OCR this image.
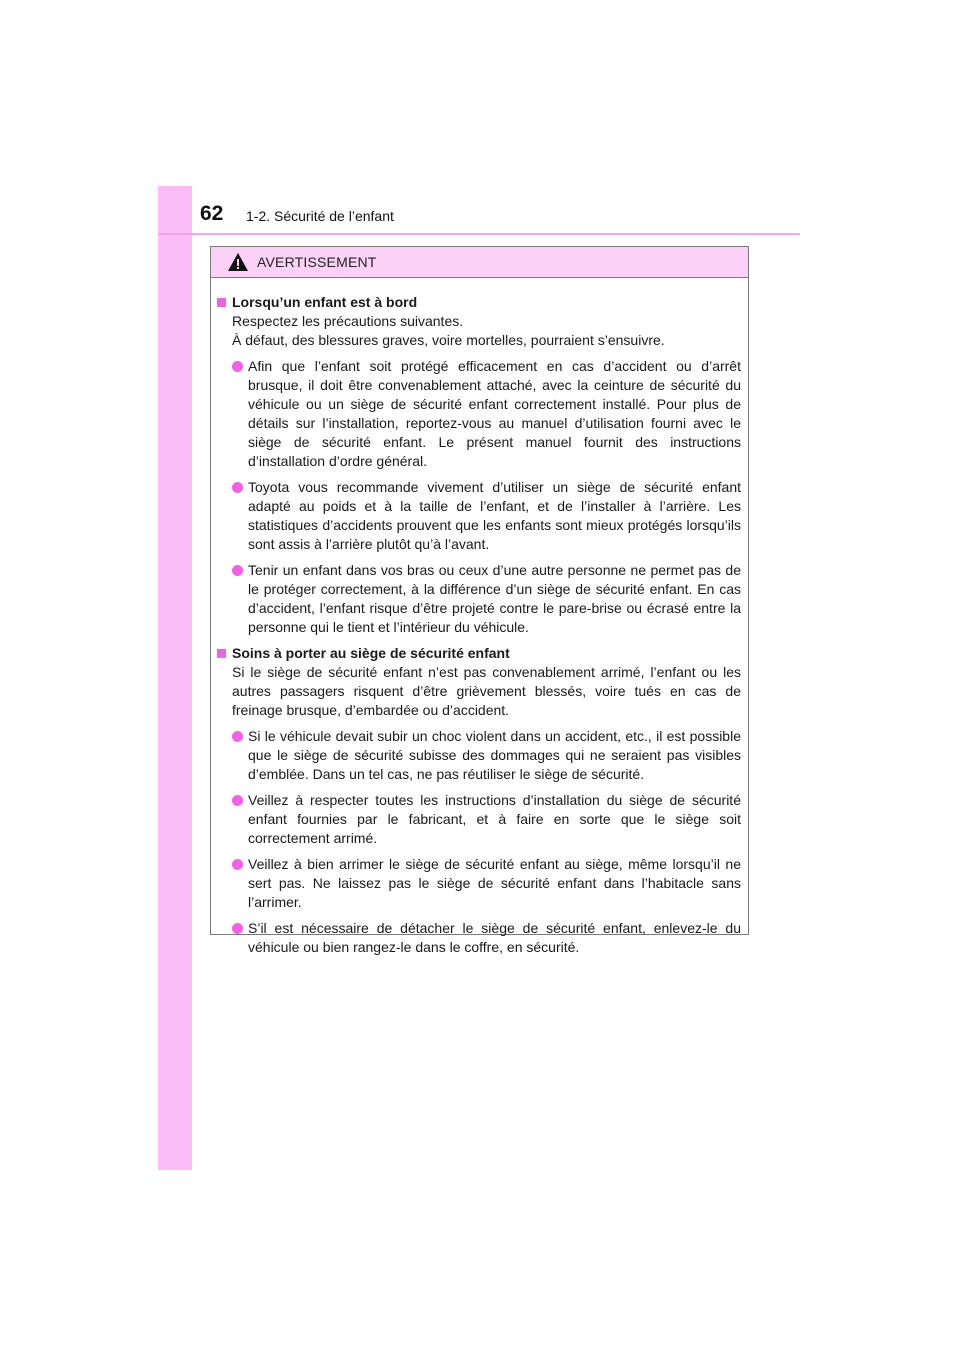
62 1-2. Sécurité de l’enfant
AVERTISSEMENT
Lorsqu’un enfant est à bord
Respectez les précautions suivantes.
À défaut, des blessures graves, voire mortelles, pourraient s’ensuivre.
Afin que l’enfant soit protégé efficacement en cas d’accident ou d’arrêt brusque, il doit être convenablement attaché, avec la ceinture de sécurité du véhicule ou un siège de sécurité enfant correctement installé. Pour plus de détails sur l’installation, reportez-vous au manuel d’utilisation fourni avec le siège de sécurité enfant. Le présent manuel fournit des instructions d’installation d’ordre général.
Toyota vous recommande vivement d’utiliser un siège de sécurité enfant adapté au poids et à la taille de l’enfant, et de l’installer à l’arrière. Les statistiques d’accidents prouvent que les enfants sont mieux protégés lorsqu’ils sont assis à l’arrière plutôt qu’à l’avant.
Tenir un enfant dans vos bras ou ceux d’une autre personne ne permet pas de le protéger correctement, à la différence d’un siège de sécurité enfant. En cas d’accident, l’enfant risque d’être projeté contre le pare-brise ou écrasé entre la personne qui le tient et l’intérieur du véhicule.
Soins à porter au siège de sécurité enfant
Si le siège de sécurité enfant n’est pas convenablement arrimé, l’enfant ou les autres passagers risquent d’être grièvement blessés, voire tués en cas de freinage brusque, d’embardée ou d’accident.
Si le véhicule devait subir un choc violent dans un accident, etc., il est possible que le siège de sécurité subisse des dommages qui ne seraient pas visibles d’emblée. Dans un tel cas, ne pas réutiliser le siège de sécurité.
Veillez à respecter toutes les instructions d’installation du siège de sécurité enfant fournies par le fabricant, et à faire en sorte que le siège soit correctement arrimé.
Veillez à bien arrimer le siège de sécurité enfant au siège, même lorsqu’il ne sert pas. Ne laissez pas le siège de sécurité enfant dans l’habitacle sans l’arrimer.
S’il est nécessaire de détacher le siège de sécurité enfant, enlevez-le du véhicule ou bien rangez-le dans le coffre, en sécurité.
